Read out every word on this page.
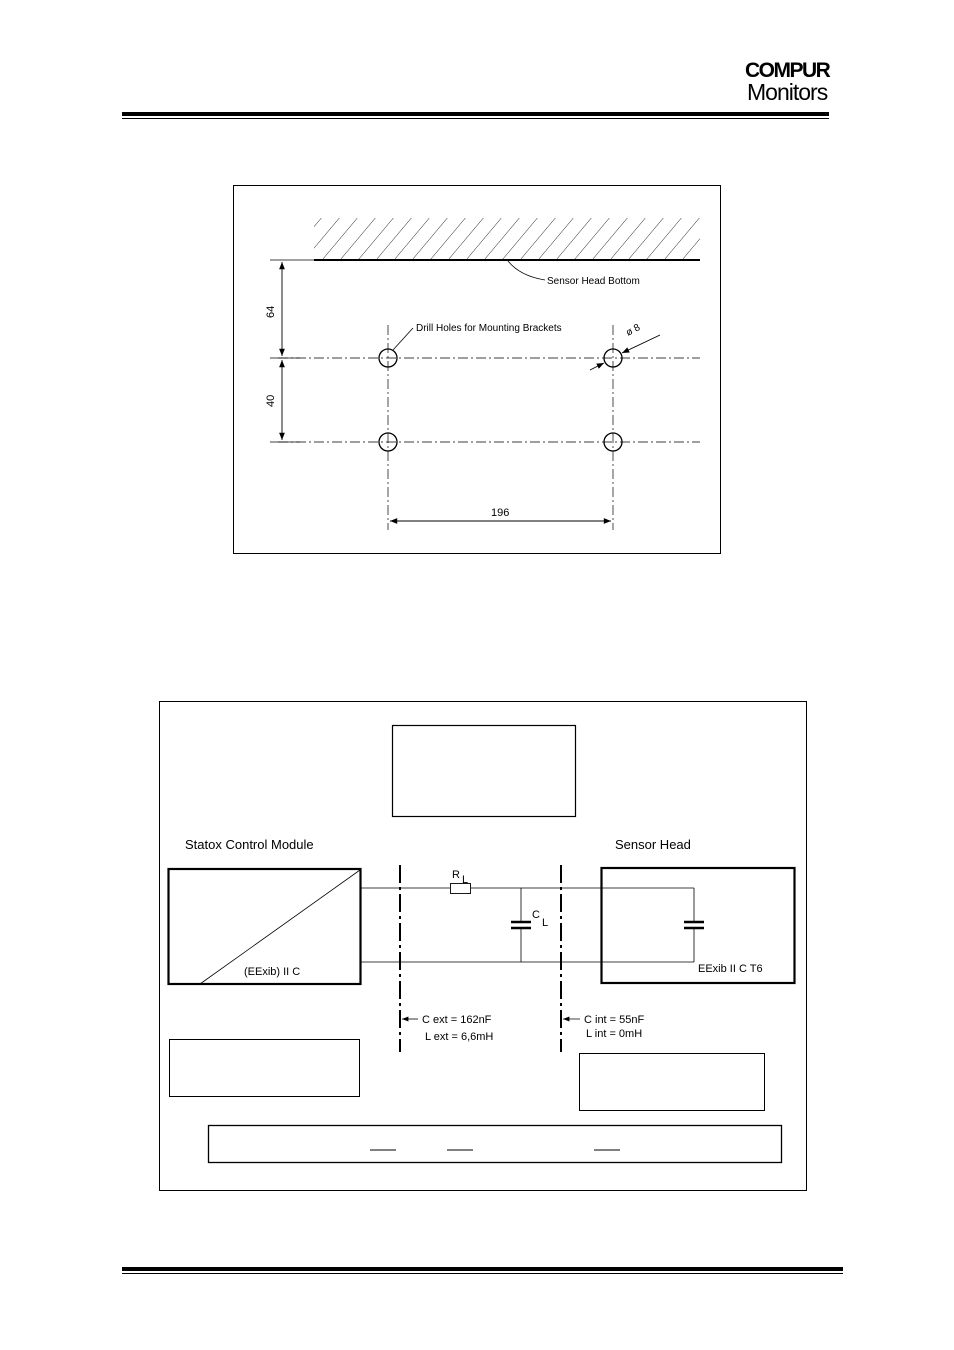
COMPUR
Monitors
Sensor Head Bottom
Drill Holes for Mounting Brackets	ø 8
64
40
196
Statox Control Module	Sensor Head
(EExib) II C	EExib II C T6
R L
C
L
C ext = 162nF
L ext = 6,6mH
C int = 55nF
L int = 0mH
